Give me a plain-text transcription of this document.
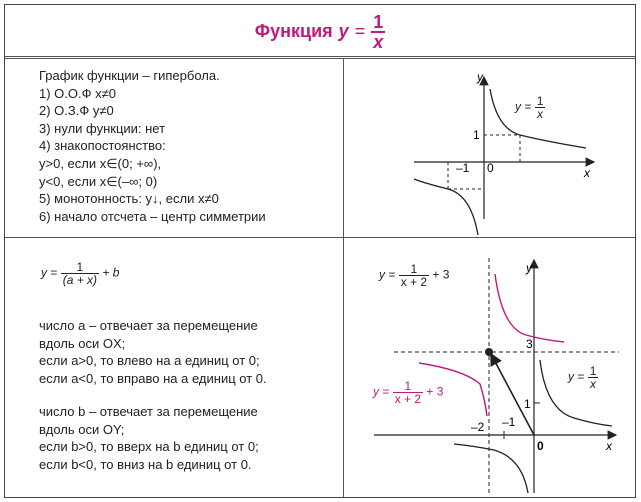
Функция $y = \frac{1}{x}$
График функции – гипербола.
1) О.О.Ф x≠0
2) О.З.Ф y≠0
3) нули функции: нет
4) знакопостоянство:
y>0, если x∈(0; +∞),
y<0, если x∈(–∞; 0)
5) монотонность: y↓, если x≠0
6) начало отсчета – центр симметрии
y
x
1
–1 0
$y = \frac{1}{x}$
$y = \frac{1}{(a + x)} + b$
число a – отвечает за перемещение
вдоль оси OX;
если a>0, то влево на a единиц от 0;
если a<0, то вправо на a единиц от 0.
число b – отвечает за перемещение
вдоль оси OY;
если b>0, то вверх на b единиц от 0;
если b<0, то вниз на b единиц от 0.
y
x
3
1
–2 –1
0
$y = \frac{1}{x + 2} + 3$
$y = \frac{1}{x + 2} + 3$
$y = \frac{1}{x}$
